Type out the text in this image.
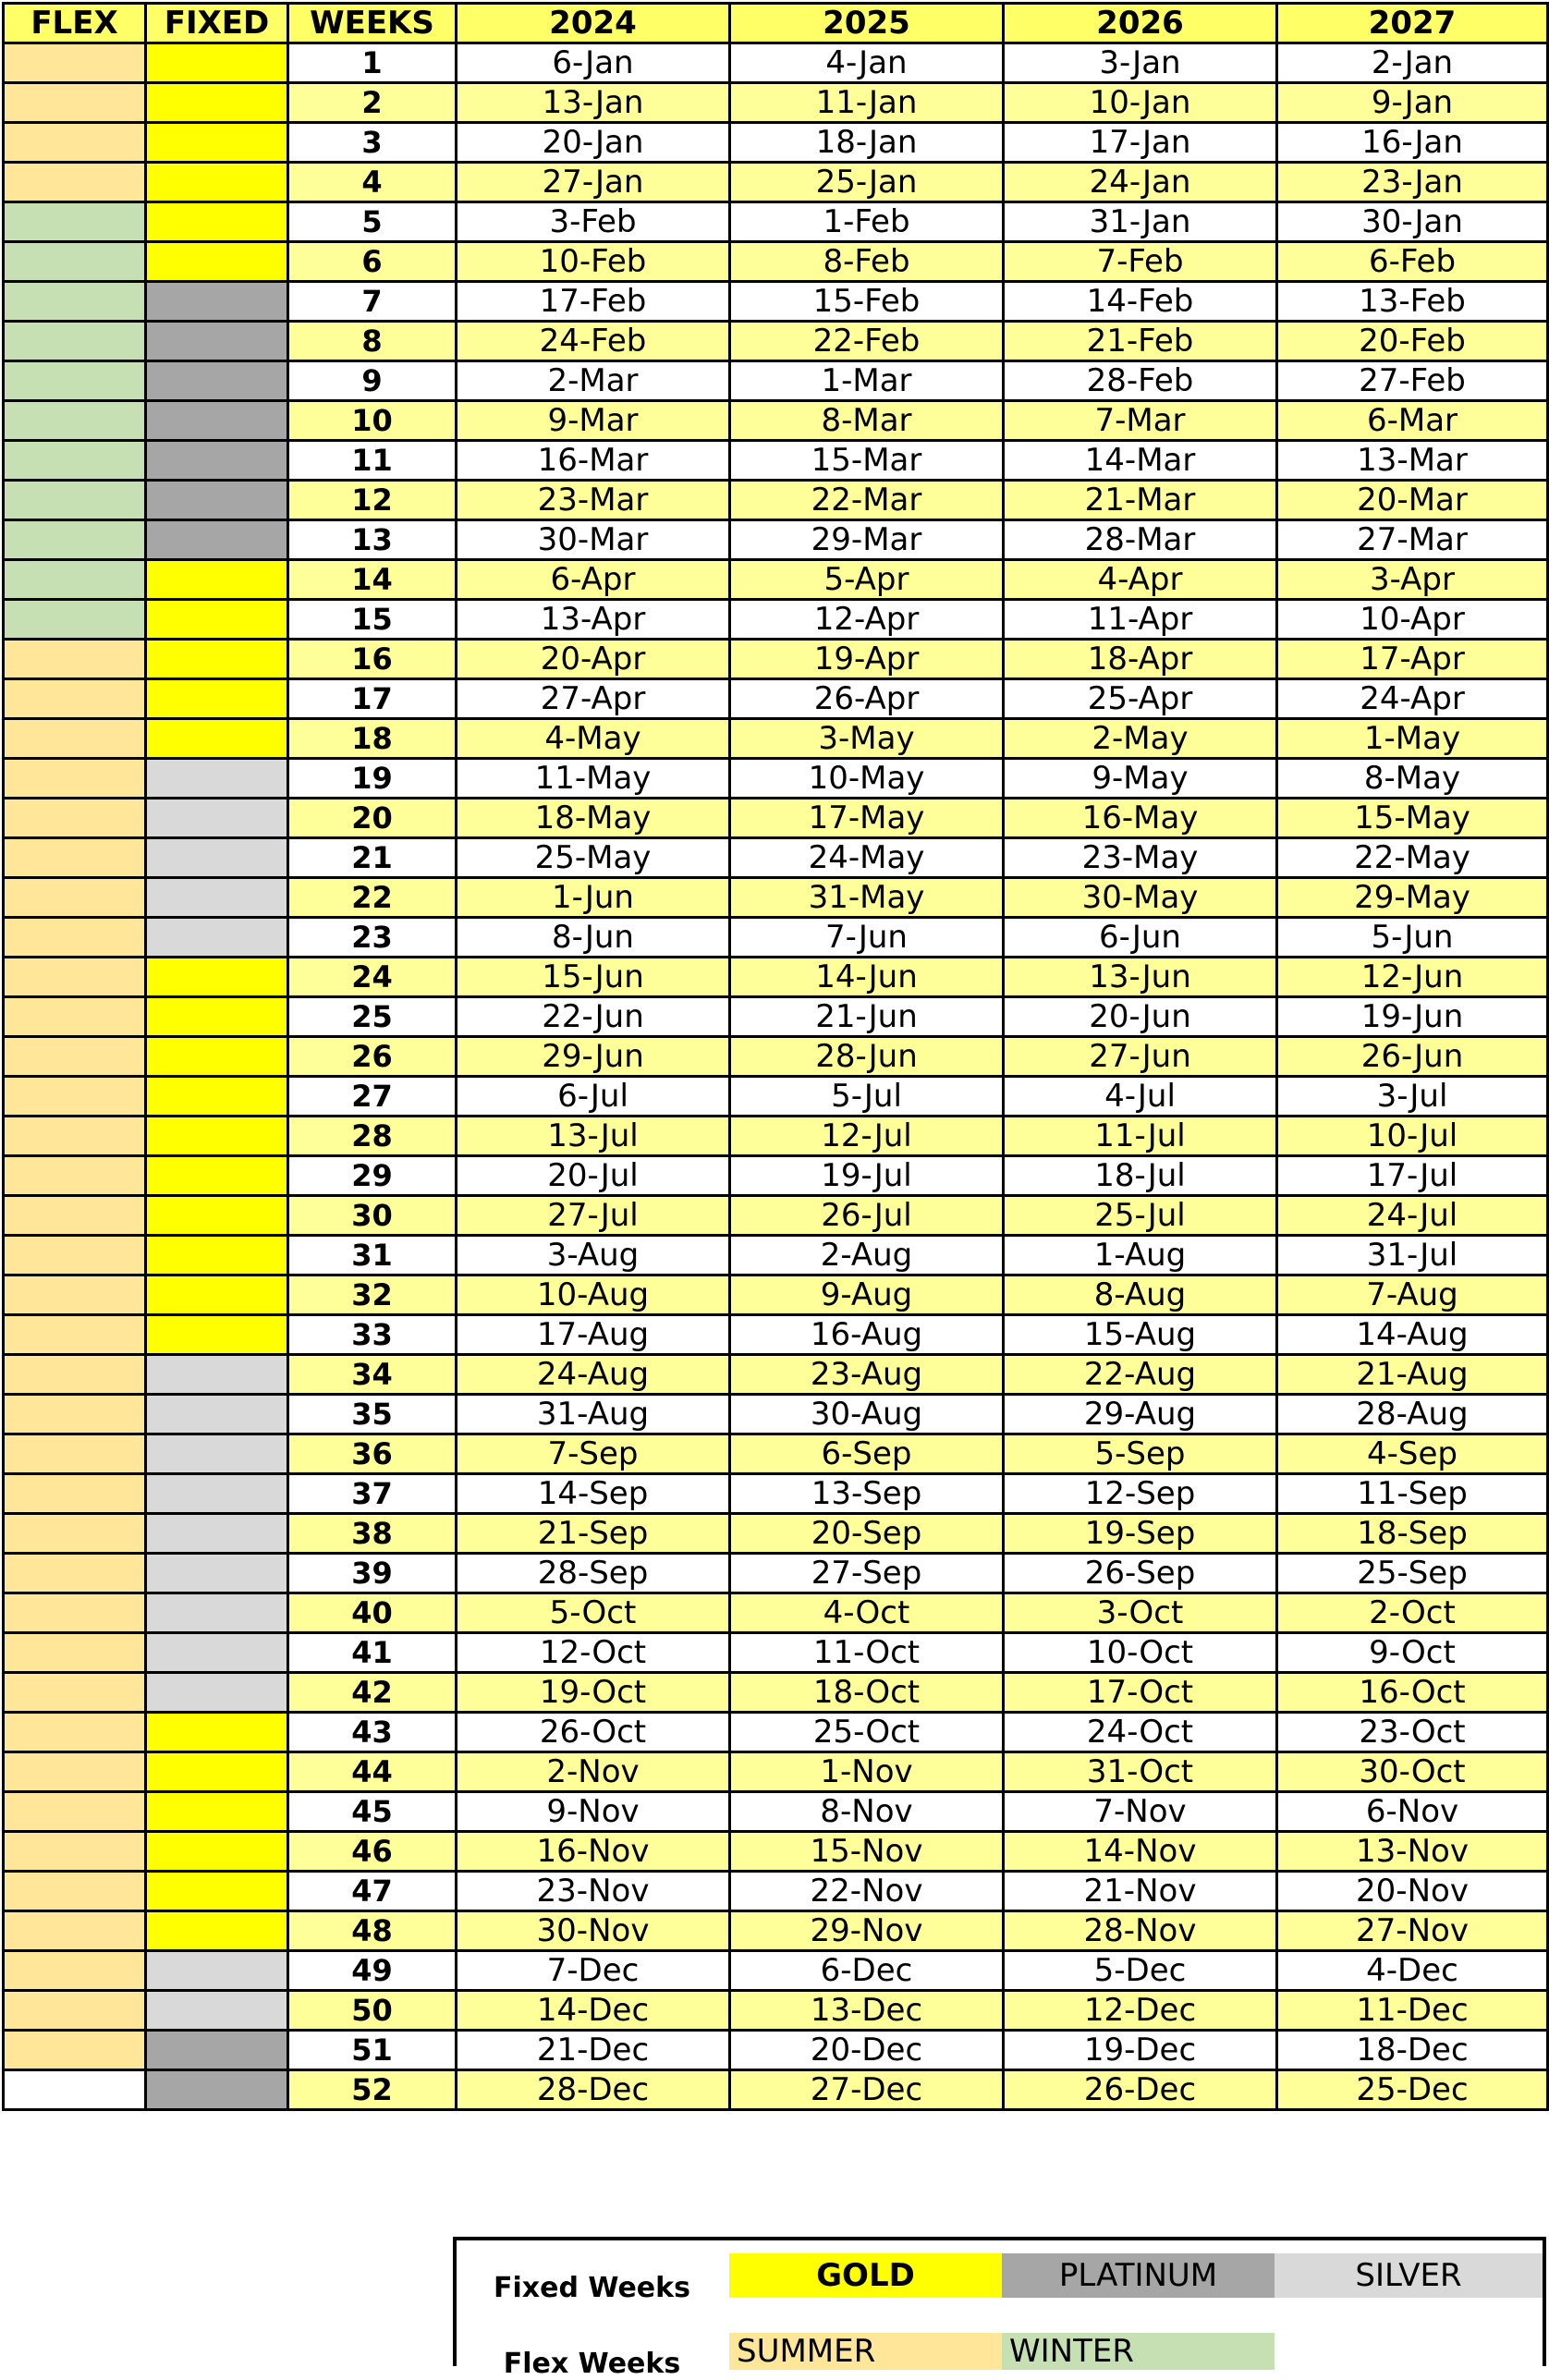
FLEX	FIXED	WEEKS	2024	2025	2026	2027
		1	6-Jan	4-Jan	3-Jan	2-Jan
		2	13-Jan	11-Jan	10-Jan	9-Jan
		3	20-Jan	18-Jan	17-Jan	16-Jan
		4	27-Jan	25-Jan	24-Jan	23-Jan
		5	3-Feb	1-Feb	31-Jan	30-Jan
		6	10-Feb	8-Feb	7-Feb	6-Feb
		7	17-Feb	15-Feb	14-Feb	13-Feb
		8	24-Feb	22-Feb	21-Feb	20-Feb
		9	2-Mar	1-Mar	28-Feb	27-Feb
		10	9-Mar	8-Mar	7-Mar	6-Mar
		11	16-Mar	15-Mar	14-Mar	13-Mar
		12	23-Mar	22-Mar	21-Mar	20-Mar
		13	30-Mar	29-Mar	28-Mar	27-Mar
		14	6-Apr	5-Apr	4-Apr	3-Apr
		15	13-Apr	12-Apr	11-Apr	10-Apr
		16	20-Apr	19-Apr	18-Apr	17-Apr
		17	27-Apr	26-Apr	25-Apr	24-Apr
		18	4-May	3-May	2-May	1-May
		19	11-May	10-May	9-May	8-May
		20	18-May	17-May	16-May	15-May
		21	25-May	24-May	23-May	22-May
		22	1-Jun	31-May	30-May	29-May
		23	8-Jun	7-Jun	6-Jun	5-Jun
		24	15-Jun	14-Jun	13-Jun	12-Jun
		25	22-Jun	21-Jun	20-Jun	19-Jun
		26	29-Jun	28-Jun	27-Jun	26-Jun
		27	6-Jul	5-Jul	4-Jul	3-Jul
		28	13-Jul	12-Jul	11-Jul	10-Jul
		29	20-Jul	19-Jul	18-Jul	17-Jul
		30	27-Jul	26-Jul	25-Jul	24-Jul
		31	3-Aug	2-Aug	1-Aug	31-Jul
		32	10-Aug	9-Aug	8-Aug	7-Aug
		33	17-Aug	16-Aug	15-Aug	14-Aug
		34	24-Aug	23-Aug	22-Aug	21-Aug
		35	31-Aug	30-Aug	29-Aug	28-Aug
		36	7-Sep	6-Sep	5-Sep	4-Sep
		37	14-Sep	13-Sep	12-Sep	11-Sep
		38	21-Sep	20-Sep	19-Sep	18-Sep
		39	28-Sep	27-Sep	26-Sep	25-Sep
		40	5-Oct	4-Oct	3-Oct	2-Oct
		41	12-Oct	11-Oct	10-Oct	9-Oct
		42	19-Oct	18-Oct	17-Oct	16-Oct
		43	26-Oct	25-Oct	24-Oct	23-Oct
		44	2-Nov	1-Nov	31-Oct	30-Oct
		45	9-Nov	8-Nov	7-Nov	6-Nov
		46	16-Nov	15-Nov	14-Nov	13-Nov
		47	23-Nov	22-Nov	21-Nov	20-Nov
		48	30-Nov	29-Nov	28-Nov	27-Nov
		49	7-Dec	6-Dec	5-Dec	4-Dec
		50	14-Dec	13-Dec	12-Dec	11-Dec
		51	21-Dec	20-Dec	19-Dec	18-Dec
		52	28-Dec	27-Dec	26-Dec	25-Dec
Fixed Weeks	GOLD	PLATINUM	SILVER
Flex Weeks	SUMMER	WINTER
